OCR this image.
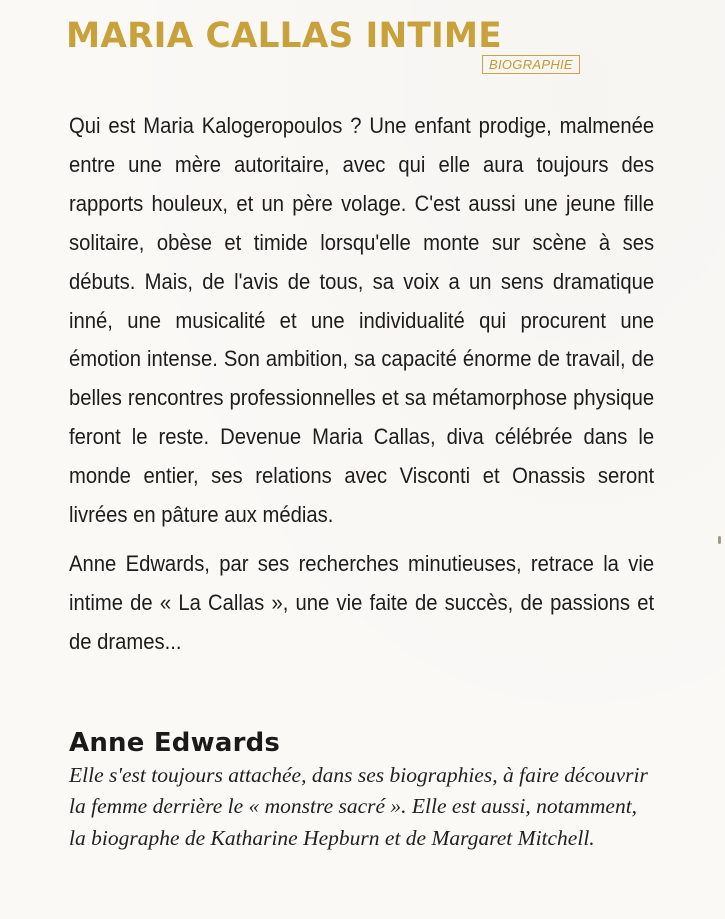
MARIA CALLAS INTIME
BIOGRAPHIE

Qui est Maria Kalogeropoulos ? Une enfant prodige, malmenée entre une mère autoritaire, avec qui elle aura toujours des rapports houleux, et un père volage. C'est aussi une jeune fille solitaire, obèse et timide lorsqu'elle monte sur scène à ses débuts. Mais, de l'avis de tous, sa voix a un sens dramatique inné, une musicalité et une individualité qui procurent une émotion intense. Son ambition, sa capacité énorme de travail, de belles rencontres professionnelles et sa métamorphose physique feront le reste. Devenue Maria Callas, diva célébrée dans le monde entier, ses relations avec Visconti et Onassis seront livrées en pâture aux médias.

Anne Edwards, par ses recherches minutieuses, retrace la vie intime de « La Callas », une vie faite de succès, de passions et de drames...

Anne Edwards
Elle s'est toujours attachée, dans ses biographies, à faire découvrir la femme derrière le « monstre sacré ». Elle est aussi, notamment, la biographe de Katharine Hepburn et de Margaret Mitchell.
